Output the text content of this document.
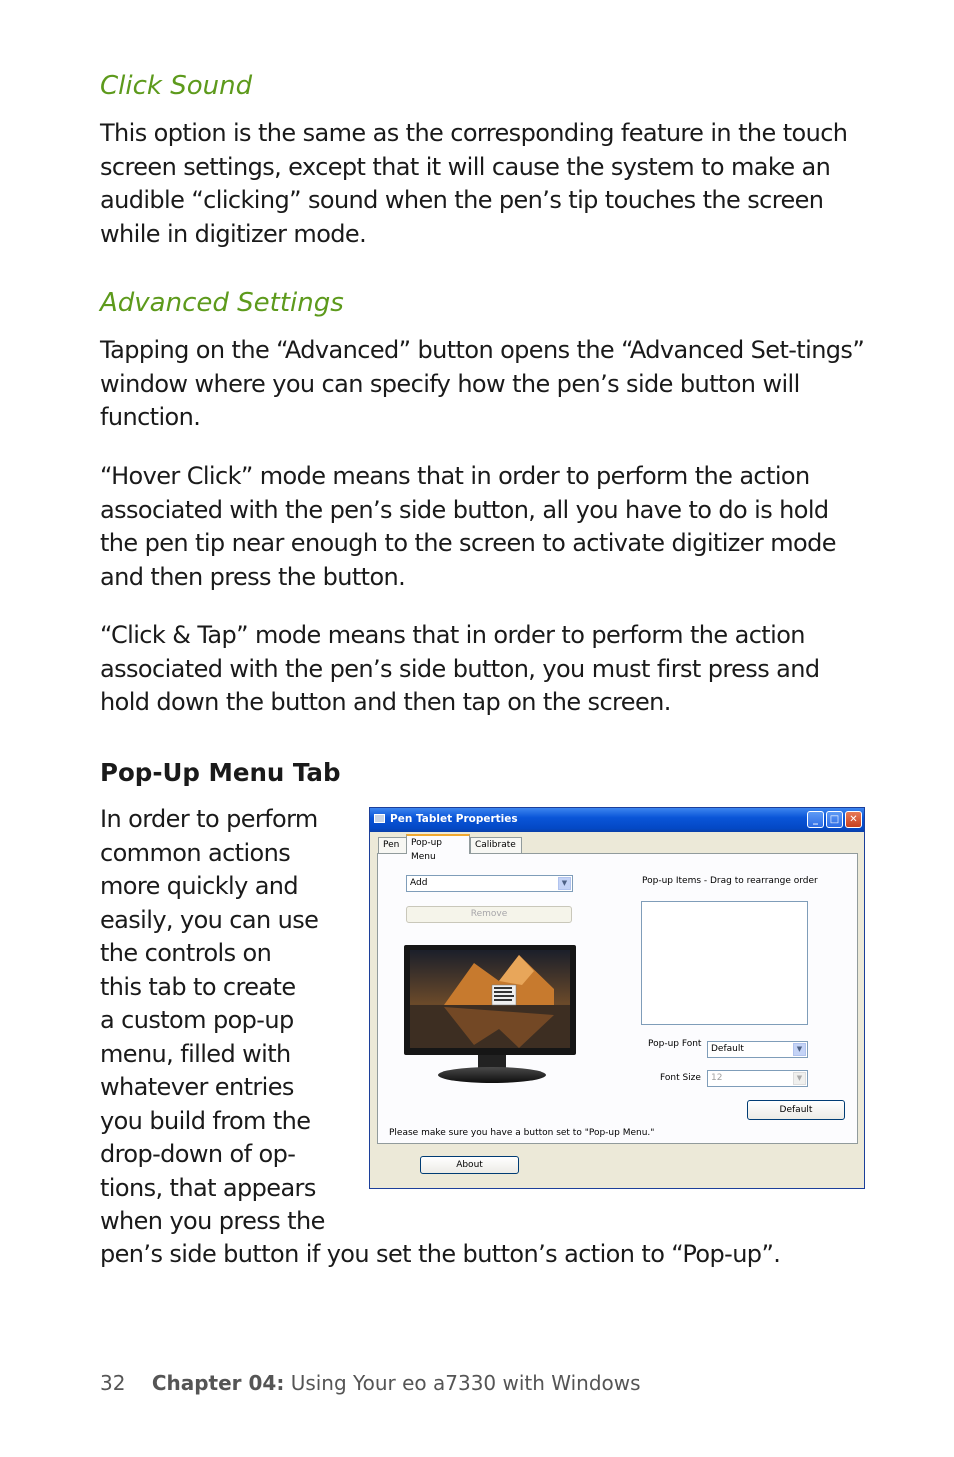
Click Sound

This option is the same as the corresponding feature in the touch screen settings, except that it will cause the system to make an audible “clicking” sound when the pen’s tip touches the screen while in digitizer mode.

Advanced Settings

Tapping on the “Advanced” button opens the “Advanced Set-tings” window where you can specify how the pen’s side button will function.

“Hover Click” mode means that in order to perform the action associated with the pen’s side button, all you have to do is hold the pen tip near enough to the screen to activate digitizer mode and then press the button.

“Click & Tap” mode means that in order to perform the action associated with the pen’s side button, you must first press and hold down the button and then tap on the screen.

Pop-Up Menu Tab
In order to perform
common actions
more quickly and
easily, you can use
the controls on
this tab to create
a custom pop-up
menu, filled with
whatever entries
you build from the
drop-down of op-
tions, that appears
when you press the

pen’s side button if you set the button’s action to “Pop-up”.

Pen Tablet Properties	_	□	✕
Pen	Pop-up Menu
Calibrate
Add	▼
Remove
Pop-up Items - Drag to rearrange order
Pop-up Font	Default	▼
Font Size	12	▼
Default
Please make sure you have a button set to "Pop-up Menu."
About
32 Chapter 04: Using Your eo a7330 with Windows
